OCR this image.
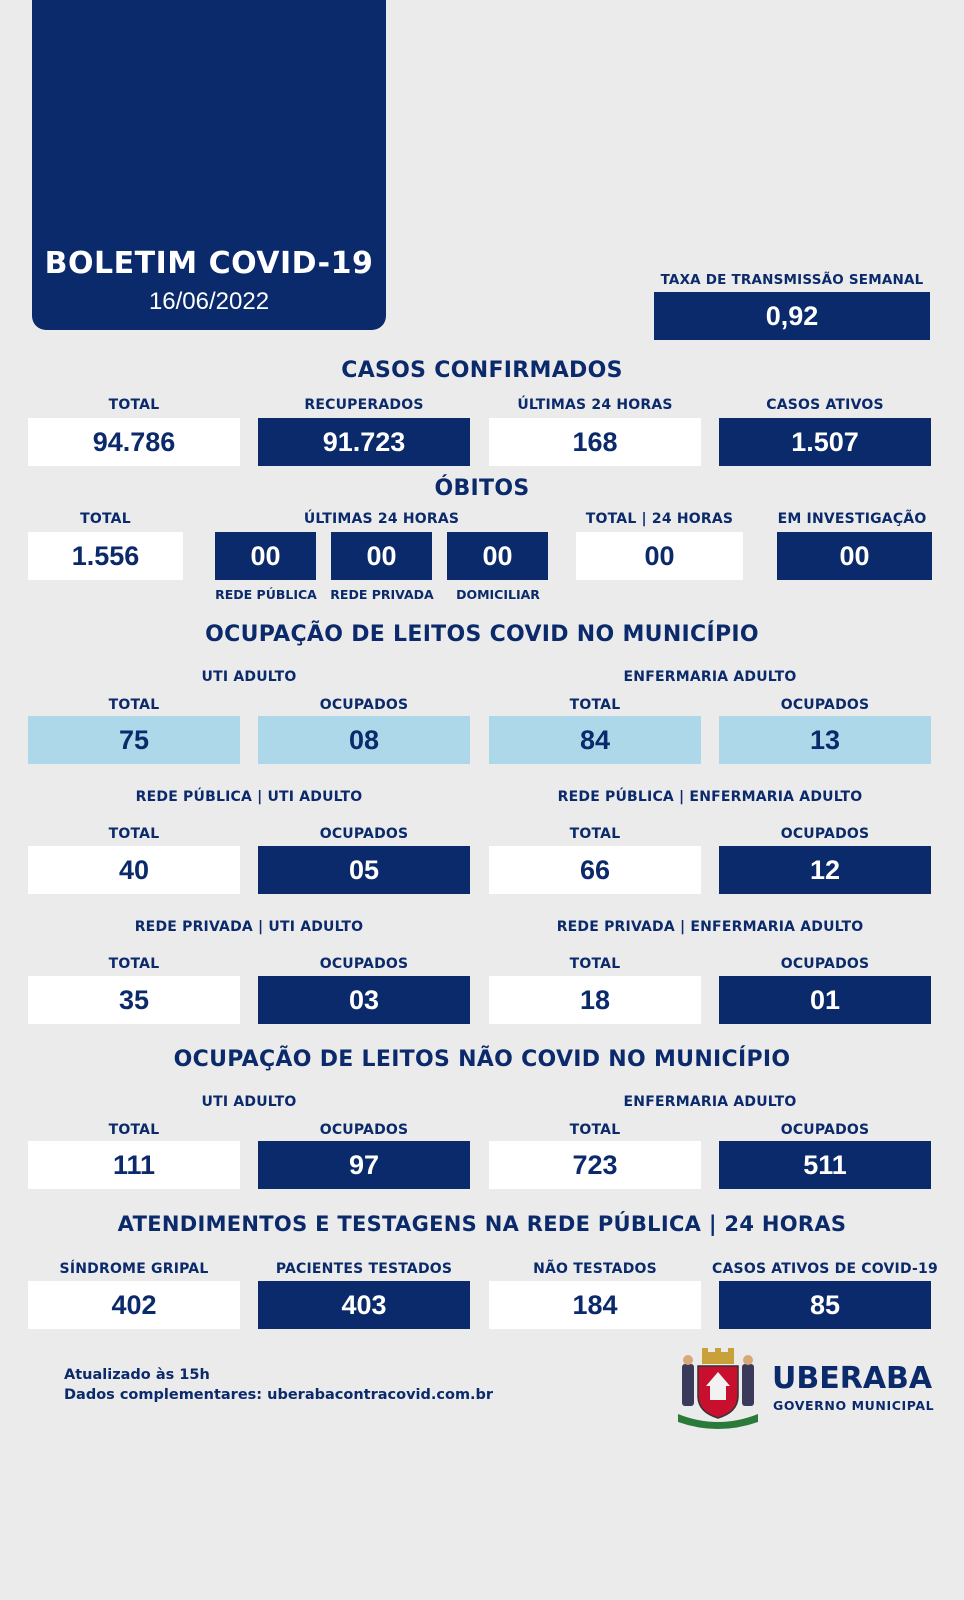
BOLETIM COVID-19
16/06/2022
TAXA DE TRANSMISSÃO SEMANAL
0,92
CASOS CONFIRMADOS
TOTAL	RECUPERADOS	ÚLTIMAS 24 HORAS	CASOS ATIVOS
94.786	91.723	168	1.507
ÓBITOS
TOTAL	ÚLTIMAS 24 HORAS	TOTAL | 24 HORAS	EM INVESTIGAÇÃO
1.556	00	00	00	00	00
REDE PÚBLICA	REDE PRIVADA	DOMICILIAR
OCUPAÇÃO DE LEITOS COVID NO MUNICÍPIO
UTI ADULTO	ENFERMARIA ADULTO
TOTAL	OCUPADOS	TOTAL	OCUPADOS
75	08	84	13
REDE PÚBLICA | UTI ADULTO	REDE PÚBLICA | ENFERMARIA ADULTO
TOTAL	OCUPADOS	TOTAL	OCUPADOS
40	05	66	12
REDE PRIVADA | UTI ADULTO	REDE PRIVADA | ENFERMARIA ADULTO
TOTAL	OCUPADOS	TOTAL	OCUPADOS
35	03	18	01
OCUPAÇÃO DE LEITOS NÃO COVID NO MUNICÍPIO
UTI ADULTO	ENFERMARIA ADULTO
TOTAL	OCUPADOS	TOTAL	OCUPADOS
111	97	723	511
ATENDIMENTOS E TESTAGENS NA REDE PÚBLICA | 24 HORAS
SÍNDROME GRIPAL	PACIENTES TESTADOS	NÃO TESTADOS	CASOS ATIVOS DE COVID-19
402	403	184	85
Atualizado às 15h
Dados complementares: uberabacontracovid.com.br	UBERABA
GOVERNO MUNICIPAL
